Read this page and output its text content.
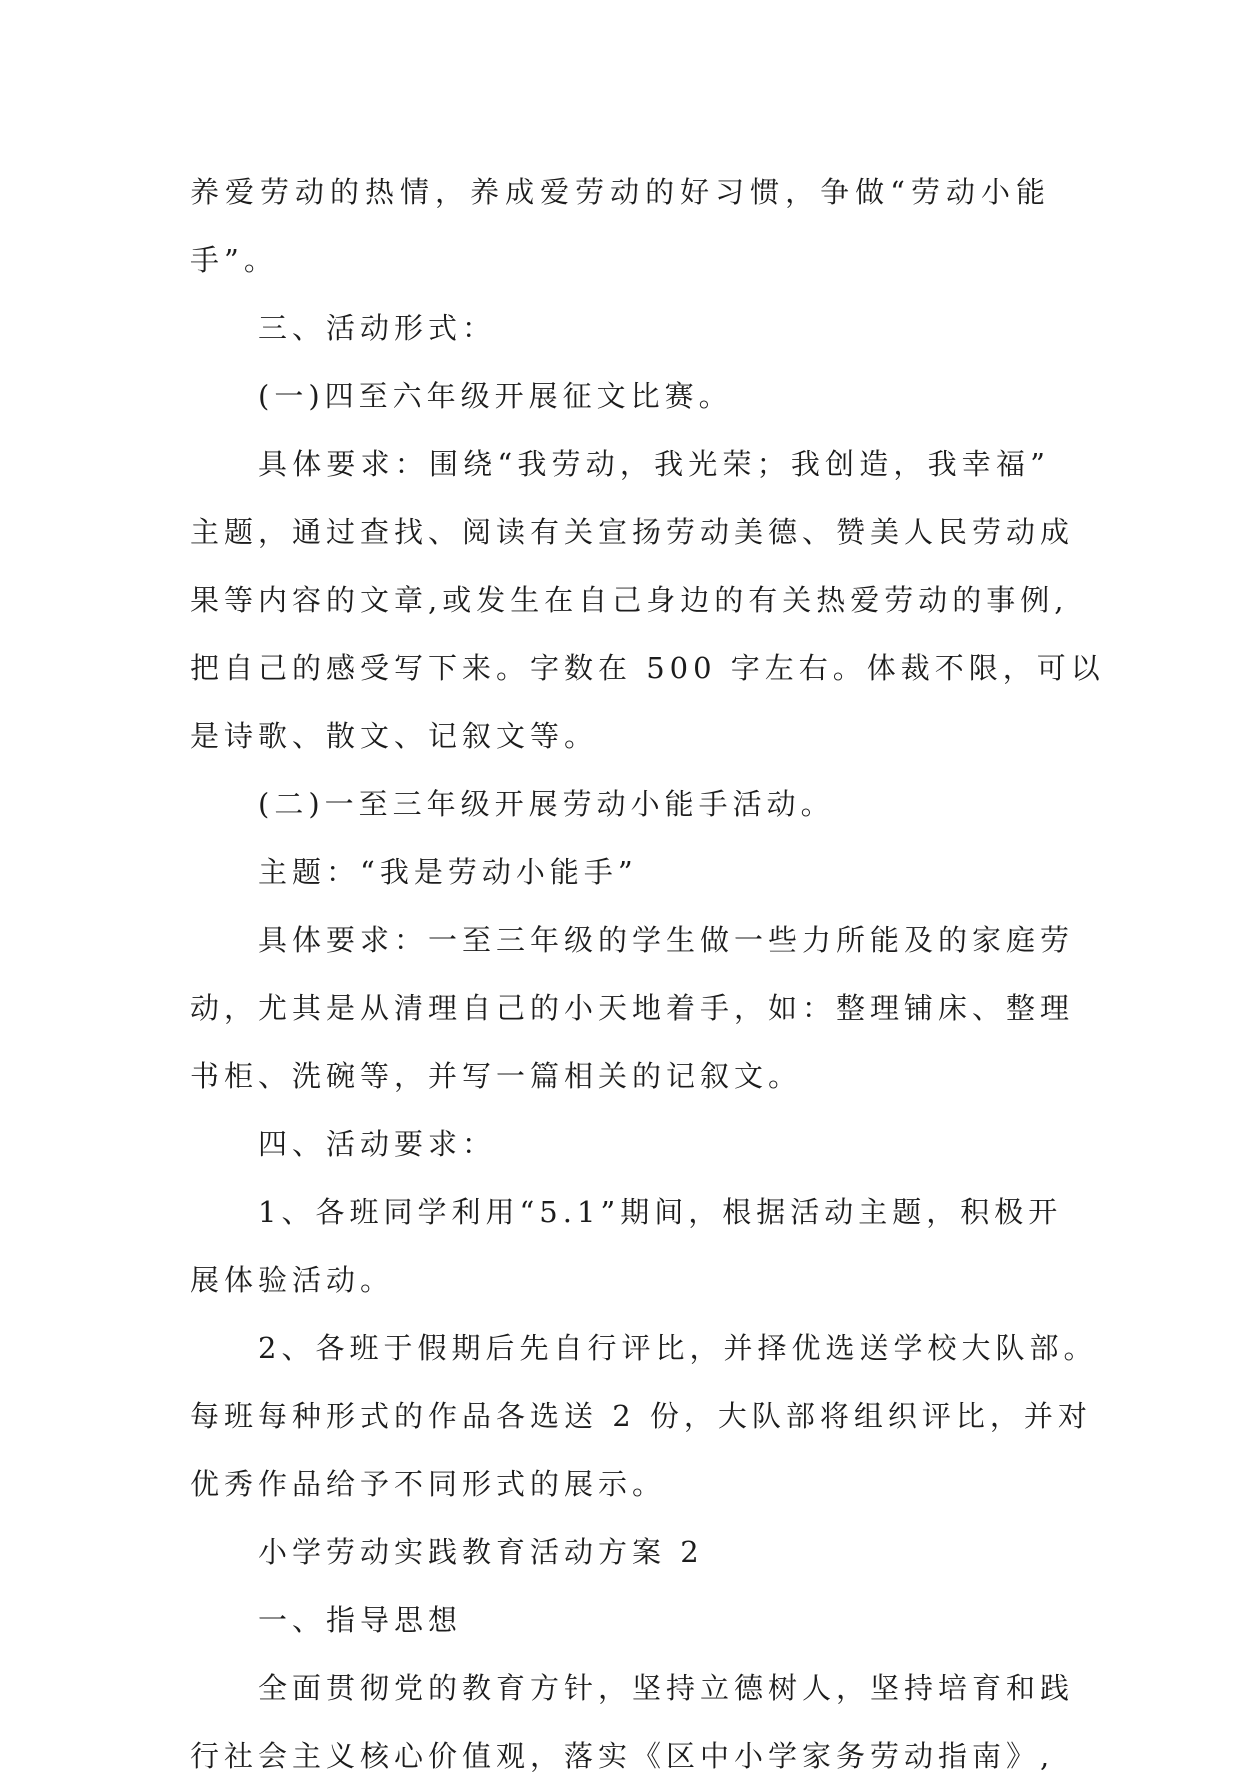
养爱劳动的热情，养成爱劳动的好习惯，争做“劳动小能
手”。
三、活动形式：
(一)四至六年级开展征文比赛。
具体要求：围绕“我劳动，我光荣；我创造，我幸福”
主题，通过查找、阅读有关宣扬劳动美德、赞美人民劳动成
果等内容的文章,或发生在自己身边的有关热爱劳动的事例,
把自己的感受写下来。字数在 500 字左右。体裁不限，可以
是诗歌、散文、记叙文等。
(二)一至三年级开展劳动小能手活动。
主题：“我是劳动小能手”
具体要求：一至三年级的学生做一些力所能及的家庭劳
动，尤其是从清理自己的小天地着手，如：整理铺床、整理
书柜、洗碗等，并写一篇相关的记叙文。
四、活动要求：
1、各班同学利用“5.1”期间，根据活动主题，积极开
展体验活动。
2、各班于假期后先自行评比，并择优选送学校大队部。
每班每种形式的作品各选送 2 份，大队部将组织评比，并对
优秀作品给予不同形式的展示。
小学劳动实践教育活动方案 2
一、指导思想
全面贯彻党的教育方针，坚持立德树人，坚持培育和践
行社会主义核心价值观，落实《区中小学家务劳动指南》,
